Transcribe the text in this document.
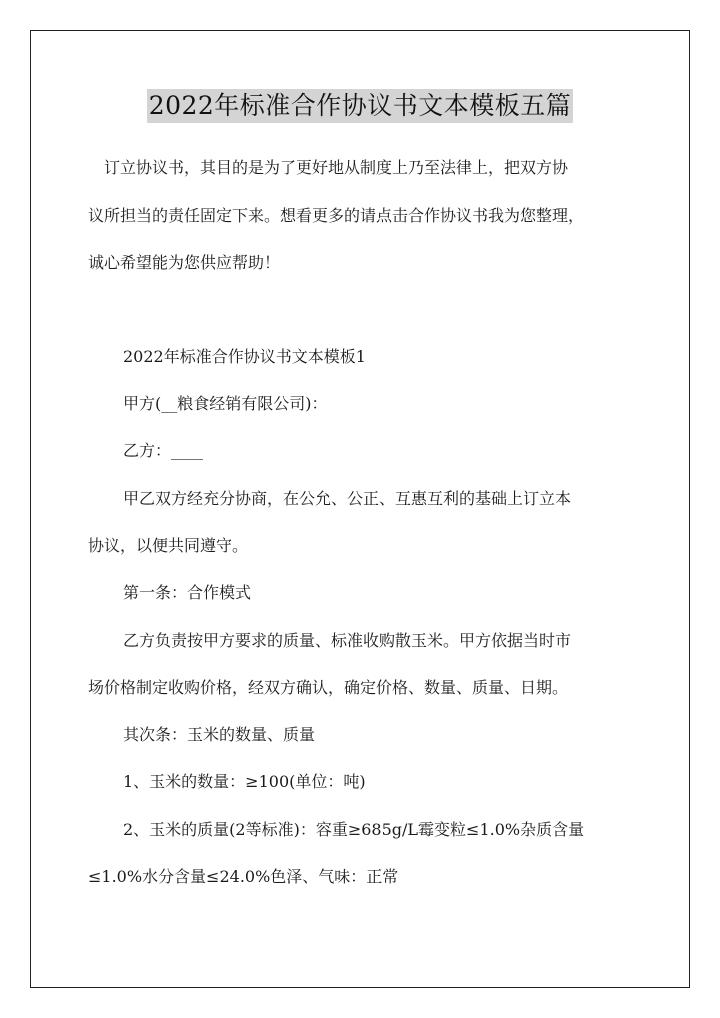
2022年标准合作协议书文本模板五篇
订立协议书，其目的是为了更好地从制度上乃至法律上，把双方协
议所担当的责任固定下来。想看更多的请点击合作协议书我为您整理，
诚心希望能为您供应帮助！
2022年标准合作协议书文本模板1
甲方(__粮食经销有限公司)：
乙方：____
甲乙双方经充分协商，在公允、公正、互惠互利的基础上订立本
协议，以便共同遵守。
第一条：合作模式
乙方负责按甲方要求的质量、标准收购散玉米。甲方依据当时市
场价格制定收购价格，经双方确认，确定价格、数量、质量、日期。
其次条：玉米的数量、质量
1、玉米的数量：≥100(单位：吨)
2、玉米的质量(2等标准)：容重≥685g/L霉变粒≤1.0%杂质含量
≤1.0%水分含量≤24.0%色泽、气味：正常
